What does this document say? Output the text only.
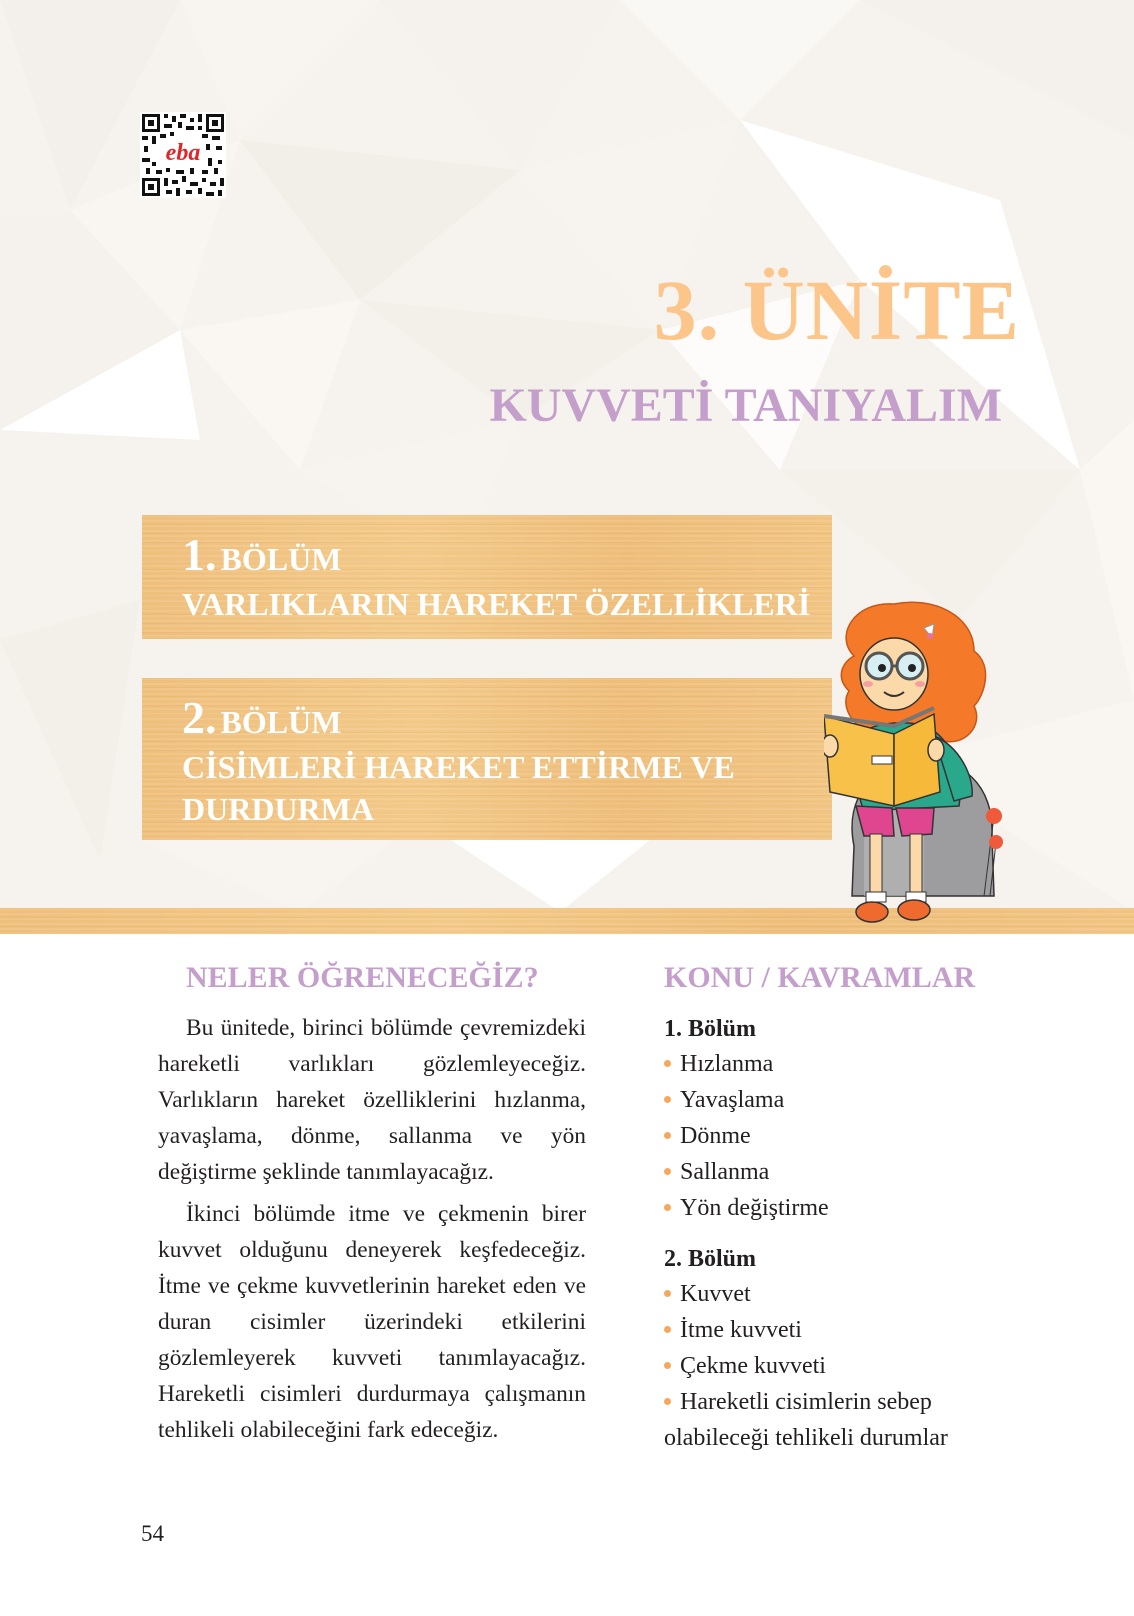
eba
3. ÜNİTE
KUVVETİ TANIYALIM
1. BÖLÜM
VARLIKLARIN HAREKET ÖZELLİKLERİ
2. BÖLÜM
CİSİMLERİ HAREKET ETTİRME VE
DURDURMA
NELER ÖĞRENECEĞİZ?

Bu ünitede, birinci bölümde çevremizdeki hareketli varlıkları gözlemleyeceğiz. Varlıkların hareket özelliklerini hızlanma, yavaşlama, dönme, sallanma ve yön değiştirme şeklinde tanımlayacağız.

İkinci bölümde itme ve çekmenin birer kuvvet olduğunu deneyerek keşfedeceğiz. İtme ve çekme kuvvetlerinin hareket eden ve duran cisimler üzerindeki etkilerini gözlemleyerek kuvveti tanımlayacağız. Hareketli cisimleri durdurmaya çalışmanın tehlikeli olabileceğini fark edeceğiz.

KONU / KAVRAMLAR
1. Bölüm
Hızlanma
Yavaşlama
Dönme
Sallanma
Yön değiştirme
2. Bölüm
Kuvvet
İtme kuvveti
Çekme kuvveti
Hareketli cisimlerin sebep olabileceği tehlikeli durumlar
54
